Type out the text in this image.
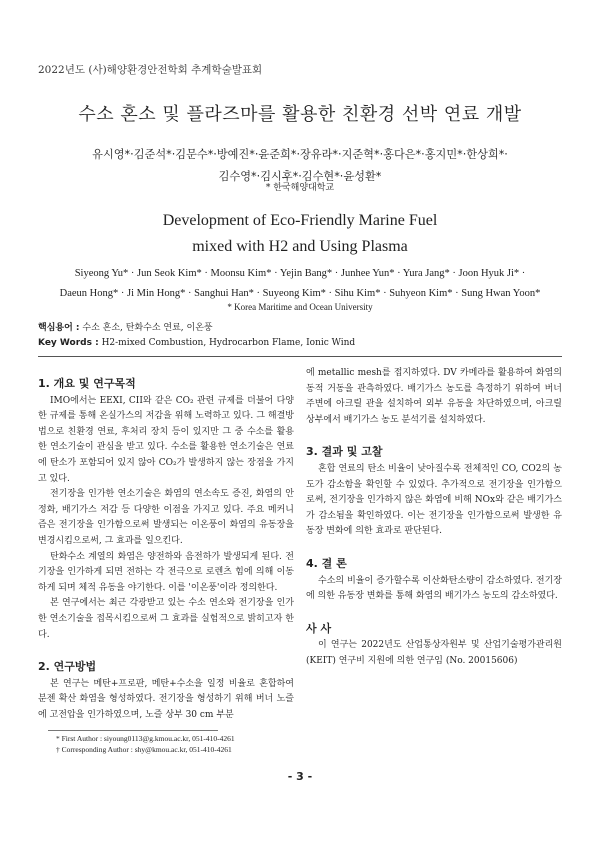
2022년도 (사)해양환경안전학회 추계학술발표회
수소 혼소 및 플라즈마를 활용한 친환경 선박 연료 개발
유시영*·김준석*·김문수*·방예진*·윤준희*·장유라*·지준혁*·홍다은*·홍지민*·한상희*·
김수영*·김시후*·김수현*·윤성환*
* 한국해양대학교
Development of Eco-Friendly Marine Fuel
mixed with H2 and Using Plasma
Siyeong Yu* · Jun Seok Kim* · Moonsu Kim* · Yejin Bang* · Junhee Yun* · Yura Jang* · Joon Hyuk Ji* ·
Daeun Hong* · Ji Min Hong* · Sanghui Han* · Suyeong Kim* · Sihu Kim* · Suhyeon Kim* · Sung Hwan Yoon*
* Korea Maritime and Ocean University
핵심용어 : 수소 혼소, 탄화수소 연료, 이온풍
Key Words : H2-mixed Combustion, Hydrocarbon Flame, Ionic Wind
1. 개요 및 연구목적

IMO에서는 EEXI, CII와 같은 CO₂ 관련 규제를 더불어 다양한 규제를 통해 온실가스의 저감을 위해 노력하고 있다. 그 해결방법으로 친환경 연료, 후처리 장치 등이 있지만 그 중 수소를 활용한 연소기술이 관심을 받고 있다. 수소를 활용한 연소기술은 연료에 탄소가 포함되어 있지 않아 CO₂가 발생하지 않는 장점을 가지고 있다.

전기장을 인가한 연소기술은 화염의 연소속도 증진, 화염의 안정화, 배기가스 저감 등 다양한 이점을 가지고 있다. 주요 메커니즘은 전기장을 인가함으로써 발생되는 이온풍이 화염의 유동장을 변경시킴으로써, 그 효과를 일으킨다.

탄화수소 계열의 화염은 양전하와 음전하가 발생되게 된다. 전기장을 인가하게 되면 전하는 각 전극으로 로렌츠 힘에 의해 이동하게 되며 체적 유동을 야기한다. 이를 '이온풍'이라 정의한다.

본 연구에서는 최근 각광받고 있는 수소 연소와 전기장을 인가한 연소기술을 접목시킴으로써 그 효과를 실험적으로 밝히고자 한다.

2. 연구방법

본 연구는 메탄+프로판, 메탄+수소을 일정 비율로 혼합하여 분젠 확산 화염을 형성하였다. 전기장을 형성하기 위해 버너 노즐에 고전압을 인가하였으며, 노즐 상부 30 cm 부분

에 metallic mesh를 접지하였다. DV 카메라를 활용하여 화염의 동적 거동을 관측하였다. 배기가스 농도를 측정하기 위하여 버너 주변에 아크릴 관을 설치하여 외부 유동을 차단하였으며, 아크릴 상부에서 배기가스 농도 분석기를 설치하였다.

3. 결과 및 고찰

혼합 연료의 탄소 비율이 낮아질수록 전체적인 CO, CO2의 농도가 감소함을 확인할 수 있었다. 추가적으로 전기장을 인가함으로써, 전기장을 인가하지 않은 화염에 비해 NOx와 같은 배기가스가 감소됨을 확인하였다. 이는 전기장을 인가함으로써 발생한 유동장 변화에 의한 효과로 판단된다.

4. 결 론

수소의 비율이 증가할수록 이산화탄소량이 감소하였다. 전기장에 의한 유동장 변화를 통해 화염의 배기가스 농도의 감소하였다.

사 사

이 연구는 2022년도 산업통상자원부 및 산업기술평가관리원(KEIT) 연구비 지원에 의한 연구임 (No. 20015606)

* First Author : siyoung0113@g.kmou.ac.kr, 051-410-4261
† Corresponding Author : shy@kmou.ac.kr, 051-410-4261
- 3 -
